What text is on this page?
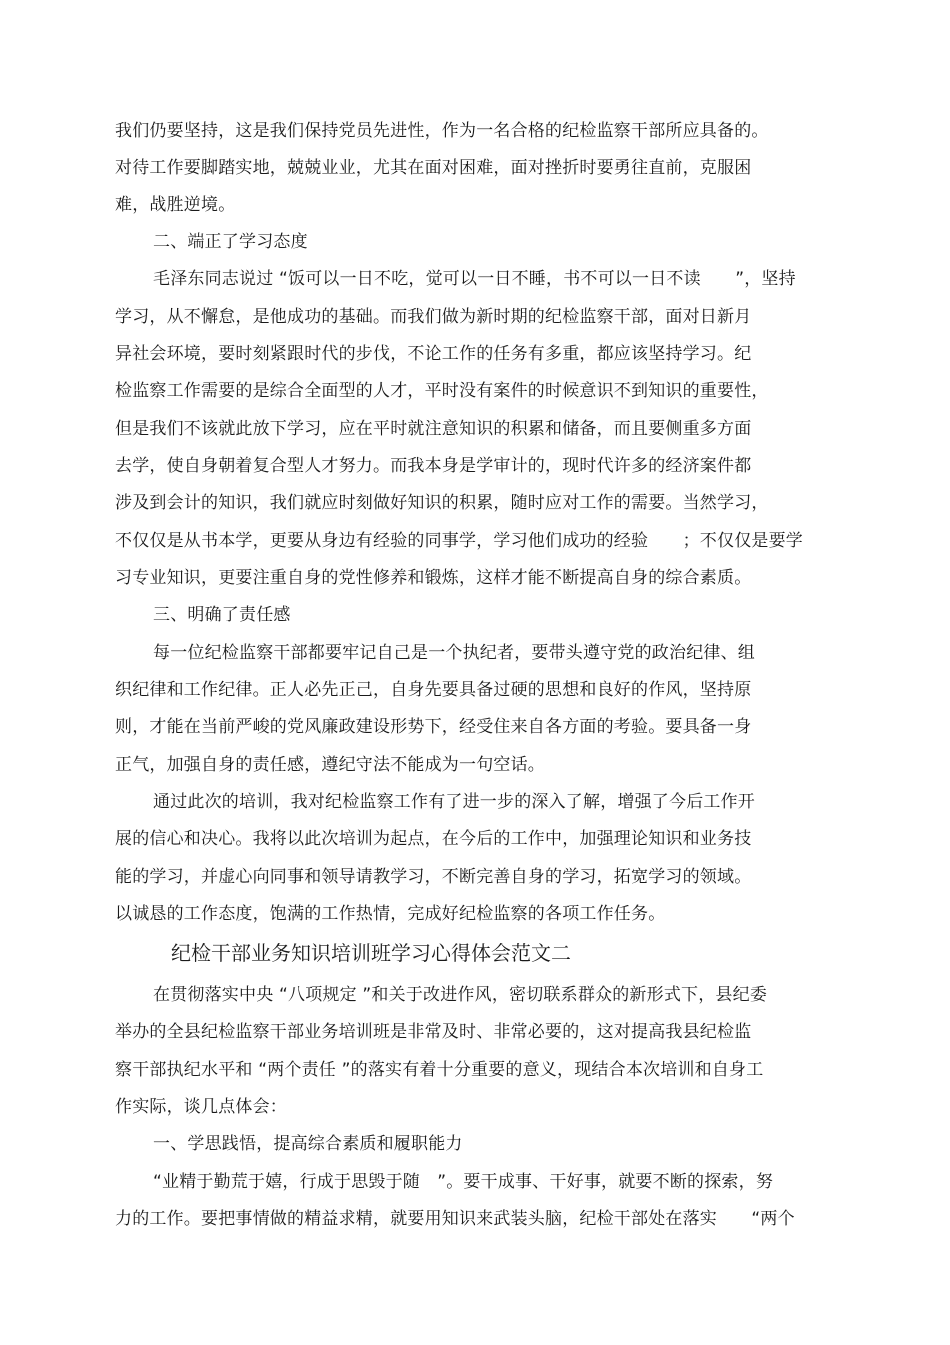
我们仍要坚持，这是我们保持党员先进性，作为一名合格的纪检监察干部所应具备的。
对待工作要脚踏实地，兢兢业业，尤其在面对困难，面对挫折时要勇往直前，克服困
难，战胜逆境。
二、端正了学习态度
毛泽东同志说过 “饭可以一日不吃，觉可以一日不睡，书不可以一日不读　　”，坚持
学习，从不懈怠，是他成功的基础。而我们做为新时期的纪检监察干部，面对日新月
异社会环境，要时刻紧跟时代的步伐，不论工作的任务有多重，都应该坚持学习。纪
检监察工作需要的是综合全面型的人才，平时没有案件的时候意识不到知识的重要性，
但是我们不该就此放下学习，应在平时就注意知识的积累和储备，而且要侧重多方面
去学，使自身朝着复合型人才努力。而我本身是学审计的，现时代许多的经济案件都
涉及到会计的知识，我们就应时刻做好知识的积累，随时应对工作的需要。当然学习，
不仅仅是从书本学，更要从身边有经验的同事学，学习他们成功的经验　　；不仅仅是要学
习专业知识，更要注重自身的党性修养和锻炼，这样才能不断提高自身的综合素质。
三、明确了责任感
每一位纪检监察干部都要牢记自己是一个执纪者，要带头遵守党的政治纪律、组
织纪律和工作纪律。正人必先正己，自身先要具备过硬的思想和良好的作风，坚持原
则，才能在当前严峻的党风廉政建设形势下，经受住来自各方面的考验。要具备一身
正气，加强自身的责任感，遵纪守法不能成为一句空话。
通过此次的培训，我对纪检监察工作有了进一步的深入了解，增强了今后工作开
展的信心和决心。我将以此次培训为起点，在今后的工作中，加强理论知识和业务技
能的学习，并虚心向同事和领导请教学习，不断完善自身的学习，拓宽学习的领域。
以诚恳的工作态度，饱满的工作热情，完成好纪检监察的各项工作任务。
纪检干部业务知识培训班学习心得体会范文二
在贯彻落实中央 “八项规定 ”和关于改进作风，密切联系群众的新形式下，县纪委
举办的全县纪检监察干部业务培训班是非常及时、非常必要的，这对提高我县纪检监
察干部执纪水平和 “两个责任 ”的落实有着十分重要的意义，现结合本次培训和自身工
作实际，谈几点体会：
一、学思践悟，提高综合素质和履职能力
“业精于勤荒于嬉，行成于思毁于随　”。要干成事、干好事，就要不断的探索，努
力的工作。要把事情做的精益求精，就要用知识来武装头脑，纪检干部处在落实　　“两个
